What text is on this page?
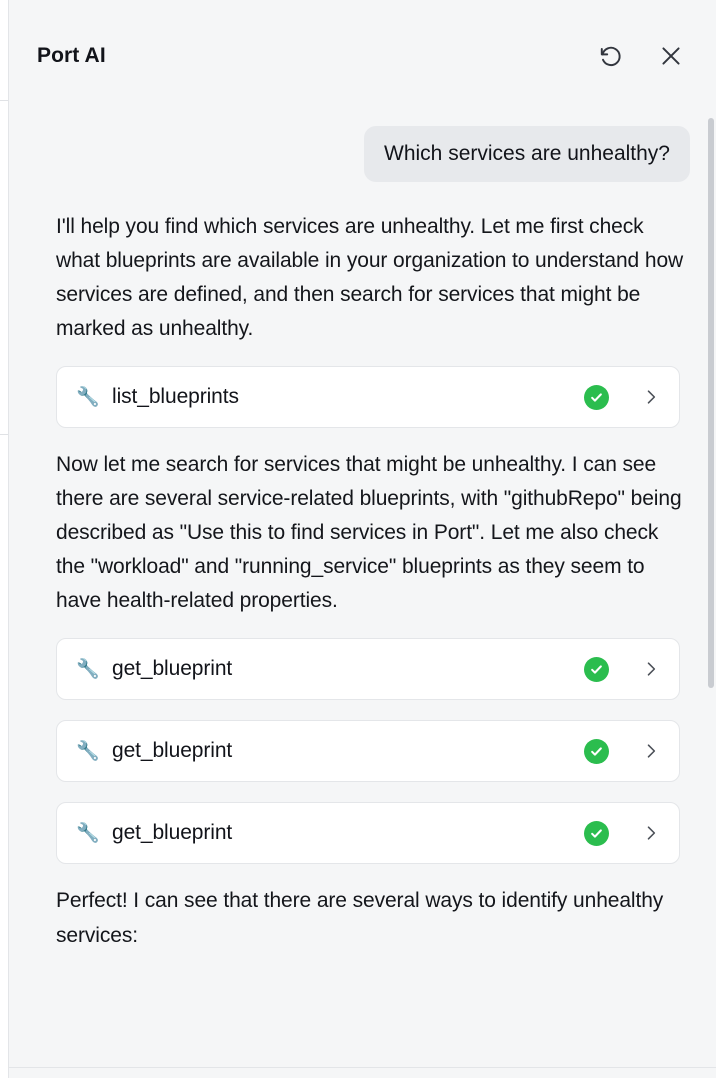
Port AI
Which services are unhealthy?

I'll help you find which services are unhealthy. Let me first check what blueprints are available in your organization to understand how services are defined, and then search for services that might be marked as unhealthy.

🔧 list_blueprints

Now let me search for services that might be unhealthy. I can see there are several service-related blueprints, with "githubRepo" being described as "Use this to find services in Port". Let me also check the "workload" and "running_service" blueprints as they seem to have health-related properties.

🔧 get_blueprint
🔧 get_blueprint
🔧 get_blueprint

Perfect! I can see that there are several ways to identify unhealthy services:
